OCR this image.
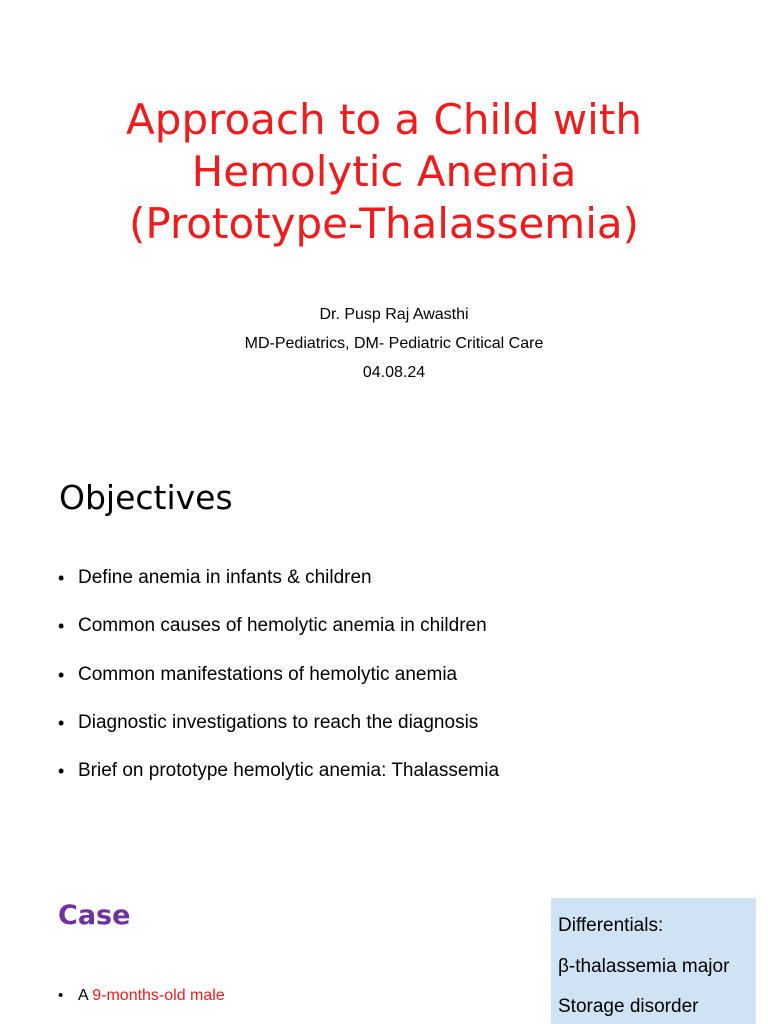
Approach to a Child with
Hemolytic Anemia
(Prototype-Thalassemia)
Dr. Pusp Raj Awasthi
MD-Pediatrics, DM- Pediatric Critical Care
04.08.24
Objectives
• Define anemia in infants & children
• Common causes of hemolytic anemia in children
• Common manifestations of hemolytic anemia
• Diagnostic investigations to reach the diagnosis
• Brief on prototype hemolytic anemia: Thalassemia
Case
• A 9-months-old male
Differentials:
β-thalassemia major
Storage disorder
